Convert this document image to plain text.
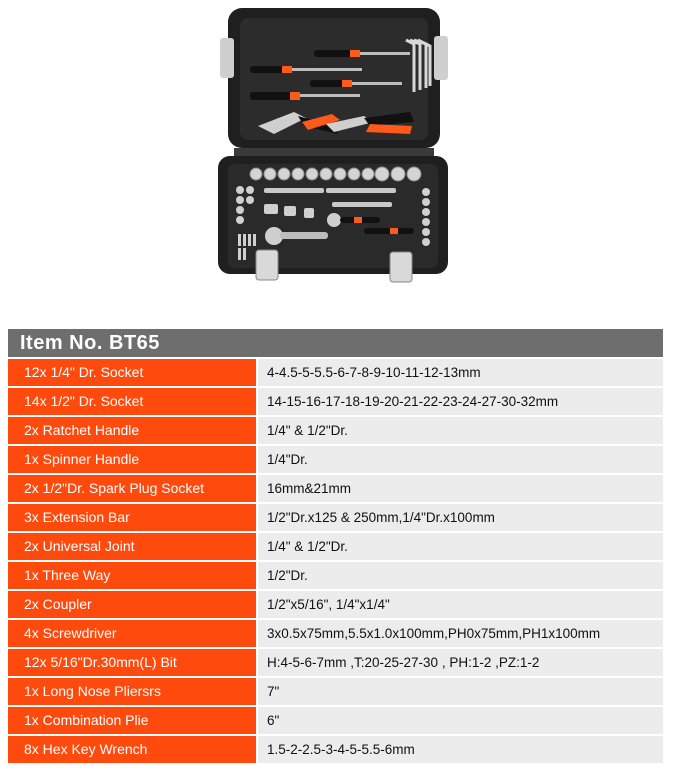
Item No. BT65
12x 1/4" Dr. Socket	4-4.5-5-5.5-6-7-8-9-10-11-12-13mm
14x 1/2" Dr. Socket	14-15-16-17-18-19-20-21-22-23-24-27-30-32mm
2x Ratchet Handle	1/4" & 1/2"Dr.
1x Spinner Handle	1/4"Dr.
2x 1/2"Dr. Spark Plug Socket	16mm&21mm
3x Extension Bar	1/2"Dr.x125 & 250mm,1/4"Dr.x100mm
2x Universal Joint	1/4" & 1/2"Dr.
1x Three Way	1/2"Dr.
2x Coupler	1/2"x5/16", 1/4"x1/4"
4x Screwdriver	3x0.5x75mm,5.5x1.0x100mm,PH0x75mm,PH1x100mm
12x 5/16"Dr.30mm(L) Bit	H:4-5-6-7mm ,T:20-25-27-30 , PH:1-2 ,PZ:1-2
1x Long Nose Pliersrs	7"
1x Combination Plie	6"
8x Hex Key Wrench	1.5-2-2.5-3-4-5-5.5-6mm
